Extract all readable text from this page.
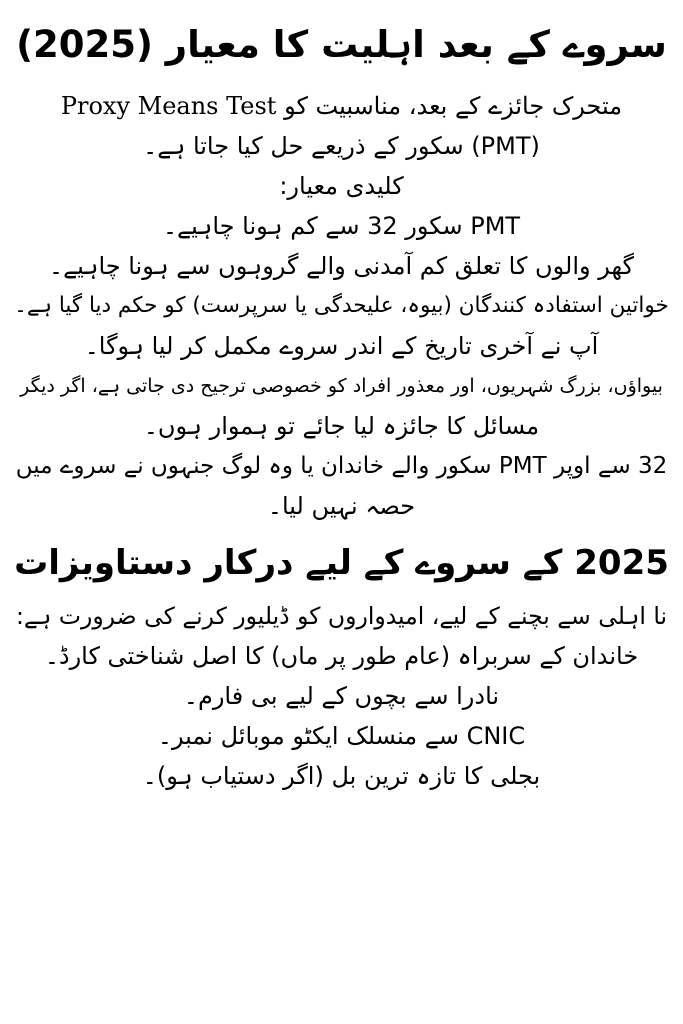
سروے کے بعد اہلیت کا معیار (2025)
متحرک جائزے کے بعد، مناسبیت کو Proxy Means Test
(PMT) سکور کے ذریعے حل کیا جاتا ہے۔
کلیدی معیار:
PMT سکور 32 سے کم ہونا چاہیے۔
گھر والوں کا تعلق کم آمدنی والے گروہوں سے ہونا چاہیے۔
خواتین استفادہ کنندگان (بیوہ، علیحدگی یا سرپرست) کو حکم دیا گیا ہے۔
آپ نے آخری تاریخ کے اندر سروے مکمل کر لیا ہوگا۔
بیواؤں، بزرگ شہریوں، اور معذور افراد کو خصوصی ترجیح دی جاتی ہے، اگر دیگر
مسائل کا جائزہ لیا جائے تو ہموار ہوں۔
32 سے اوپر PMT سکور والے خاندان یا وہ لوگ جنہوں نے سروے میں
حصہ نہیں لیا۔
2025 کے سروے کے لیے درکار دستاویزات
نا اہلی سے بچنے کے لیے، امیدواروں کو ڈیلیور کرنے کی ضرورت ہے:
خاندان کے سربراہ (عام طور پر ماں) کا اصل شناختی کارڈ۔
نادرا سے بچوں کے لیے بی فارم۔
CNIC سے منسلک ایکٹو موبائل نمبر۔
بجلی کا تازہ ترین بل (اگر دستیاب ہو)۔
